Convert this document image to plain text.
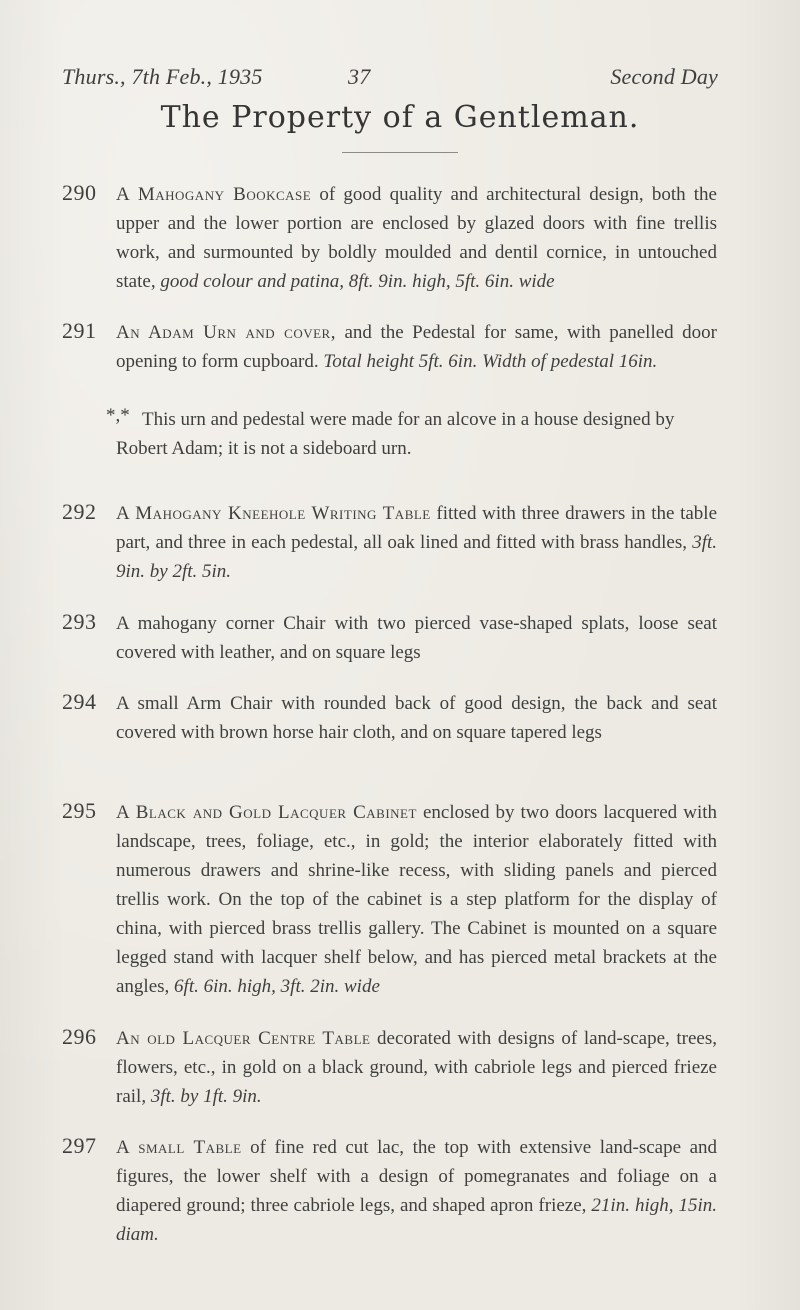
Thurs., 7th Feb., 1935	37	Second Day
The Property of a Gentleman.
290 A Mahogany Bookcase of good quality and architectural design, both the upper and the lower portion are enclosed by glazed doors with fine trellis work, and surmounted by boldly moulded and dentil cornice, in untouched state, good colour and patina, 8ft. 9in. high, 5ft. 6in. wide
291 An Adam Urn and cover, and the Pedestal for same, with panelled door opening to form cupboard. Total height 5ft. 6in. Width of pedestal 16in.
*,* This urn and pedestal were made for an alcove in a house designed by Robert Adam; it is not a sideboard urn.
292 A Mahogany Kneehole Writing Table fitted with three drawers in the table part, and three in each pedestal, all oak lined and fitted with brass handles, 3ft. 9in. by 2ft. 5in.
293 A mahogany corner Chair with two pierced vase-shaped splats, loose seat covered with leather, and on square legs
294 A small Arm Chair with rounded back of good design, the back and seat covered with brown horse hair cloth, and on square tapered legs
295 A Black and Gold Lacquer Cabinet enclosed by two doors lacquered with landscape, trees, foliage, etc., in gold; the interior elaborately fitted with numerous drawers and shrine-like recess, with sliding panels and pierced trellis work. On the top of the cabinet is a step platform for the display of china, with pierced brass trellis gallery. The Cabinet is mounted on a square legged stand with lacquer shelf below, and has pierced metal brackets at the angles, 6ft. 6in. high, 3ft. 2in. wide
296 An old Lacquer Centre Table decorated with designs of land-scape, trees, flowers, etc., in gold on a black ground, with cabriole legs and pierced frieze rail, 3ft. by 1ft. 9in.
297 A small Table of fine red cut lac, the top with extensive land-scape and figures, the lower shelf with a design of pomegranates and foliage on a diapered ground; three cabriole legs, and shaped apron frieze, 21in. high, 15in. diam.
